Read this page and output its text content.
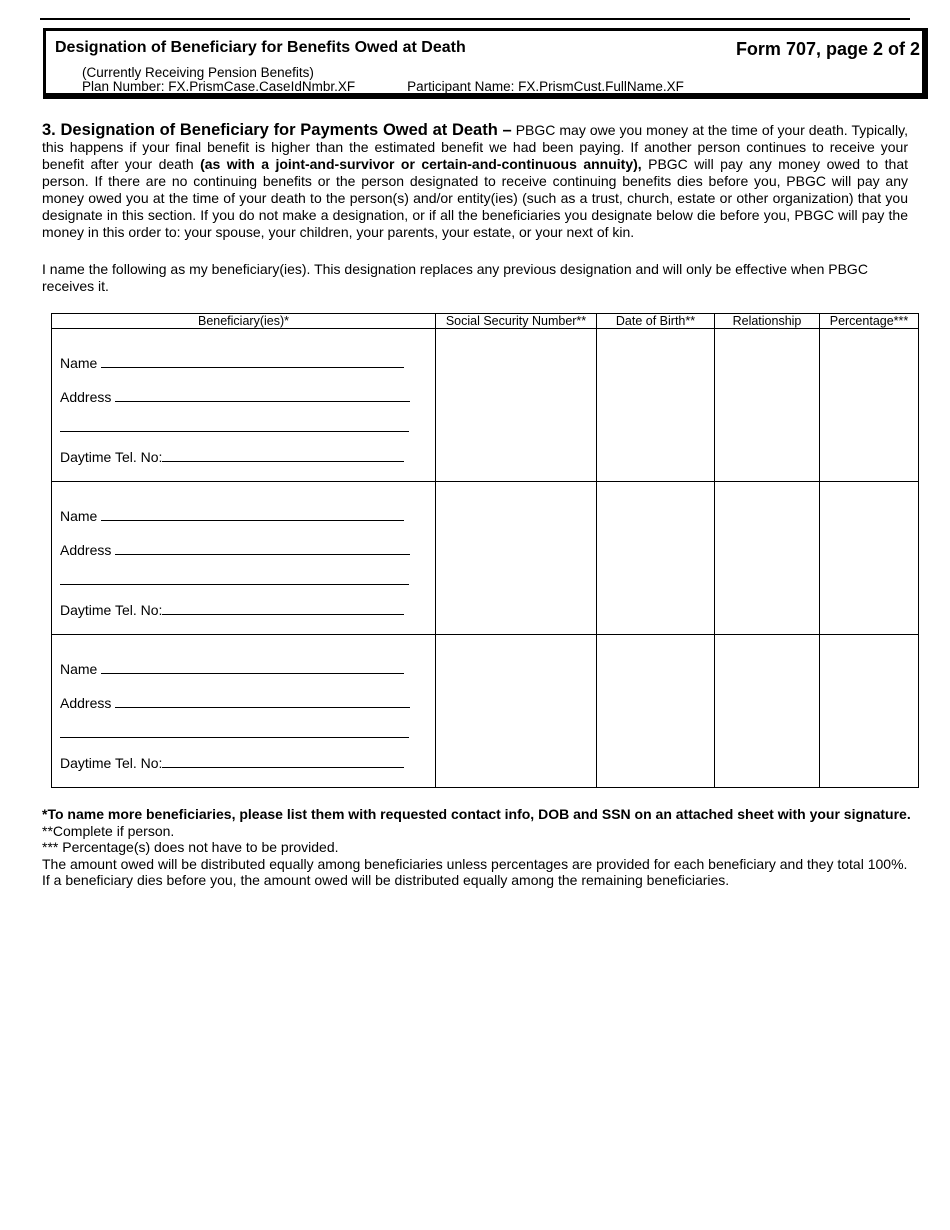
Designation of Beneficiary for Benefits Owed at Death	Form 707, page 2 of 2
(Currently Receiving Pension Benefits)
Plan Number: FX.PrismCase.CaseIdNmbr.XF	Participant Name: FX.PrismCust.FullName.XF
3. Designation of Beneficiary for Payments Owed at Death – PBGC may owe you money at the time of your death. Typically, this happens if your final benefit is higher than the estimated benefit we had been paying. If another person continues to receive your benefit after your death (as with a joint-and-survivor or certain-and-continuous annuity), PBGC will pay any money owed to that person. If there are no continuing benefits or the person designated to receive continuing benefits dies before you, PBGC will pay any money owed you at the time of your death to the person(s) and/or entity(ies) (such as a trust, church, estate or other organization) that you designate in this section. If you do not make a designation, or if all the beneficiaries you designate below die before you, PBGC will pay the money in this order to: your spouse, your children, your parents, your estate, or your next of kin.
I name the following as my beneficiary(ies). This designation replaces any previous designation and will only be effective when PBGC receives it.
Beneficiary(ies)*	Social Security Number**	Date of Birth**	Relationship	Percentage***

Name
Address
Daytime Tel. No:				

Name
Address
Daytime Tel. No:				

Name
Address
Daytime Tel. No:				

*To name more beneficiaries, please list them with requested contact info, DOB and SSN on an attached sheet with your signature.
**Complete if person.
*** Percentage(s) does not have to be provided.
The amount owed will be distributed equally among beneficiaries unless percentages are provided for each beneficiary and they total 100%.
If a beneficiary dies before you, the amount owed will be distributed equally among the remaining beneficiaries.
